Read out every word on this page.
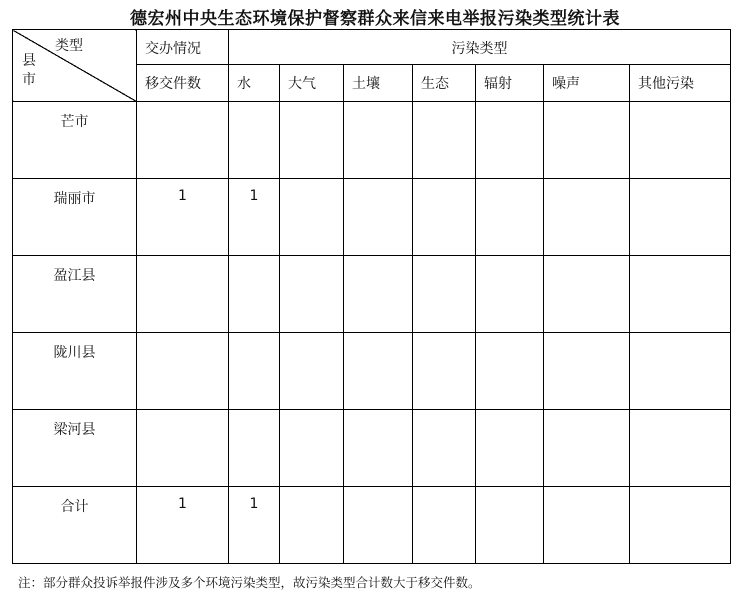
德宏州中央生态环境保护督察群众来信来电举报污染类型统计表
类型
县
市	交办情况	污染类型						

	移交件数	水	大气	土壤	生态	辐射	噪声	其他污染

芒市								

瑞丽市	1	1						

盈江县								

陇川县								

梁河县								

合计	1	1						

注：部分群众投诉举报件涉及多个环境污染类型，故污染类型合计数大于移交件数。
